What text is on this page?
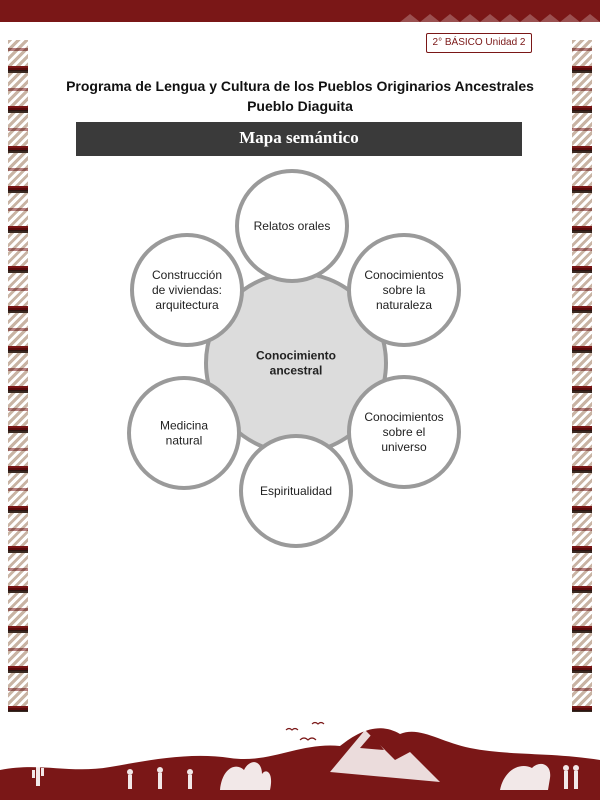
2° BÁSICO Unidad 2
Programa de Lengua y Cultura de los Pueblos Originarios Ancestrales
Pueblo Diaguita
Mapa semántico
Conocimiento
ancestral
Relatos orales
Conocimientos
sobre la
naturaleza
Conocimientos
sobre el
universo
Espiritualidad
Medicina
natural
Construcción
de viviendas:
arquitectura
